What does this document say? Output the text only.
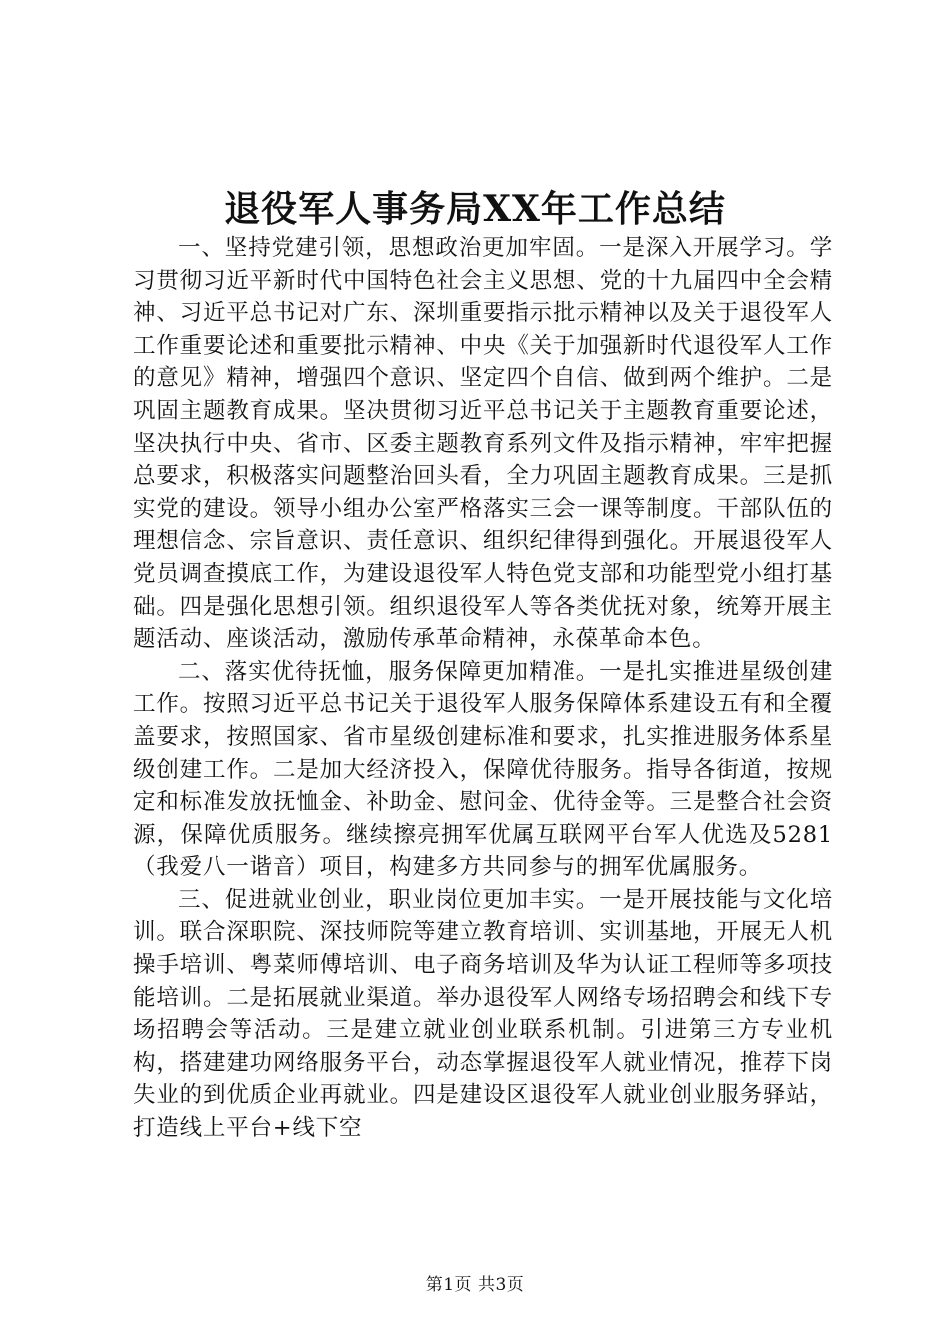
退役军人事务局XX年工作总结

一、坚持党建引领，思想政治更加牢固。一是深入开展学习。学习贯彻习近平新时代中国特色社会主义思想、党的十九届四中全会精神、习近平总书记对广东、深圳重要指示批示精神以及关于退役军人工作重要论述和重要批示精神、中央《关于加强新时代退役军人工作的意见》精神，增强四个意识、坚定四个自信、做到两个维护。二是巩固主题教育成果。坚决贯彻习近平总书记关于主题教育重要论述，坚决执行中央、省市、区委主题教育系列文件及指示精神，牢牢把握总要求，积极落实问题整治回头看，全力巩固主题教育成果。三是抓实党的建设。领导小组办公室严格落实三会一课等制度。干部队伍的理想信念、宗旨意识、责任意识、组织纪律得到强化。开展退役军人党员调查摸底工作，为建设退役军人特色党支部和功能型党小组打基础。四是强化思想引领。组织退役军人等各类优抚对象，统筹开展主题活动、座谈活动，激励传承革命精神，永葆革命本色。

二、落实优待抚恤，服务保障更加精准。一是扎实推进星级创建工作。按照习近平总书记关于退役军人服务保障体系建设五有和全覆盖要求，按照国家、省市星级创建标准和要求，扎实推进服务体系星级创建工作。二是加大经济投入，保障优待服务。指导各街道，按规定和标准发放抚恤金、补助金、慰问金、优待金等。三是整合社会资源，保障优质服务。继续擦亮拥军优属互联网平台军人优选及5281（我爱八一谐音）项目，构建多方共同参与的拥军优属服务。

三、促进就业创业，职业岗位更加丰实。一是开展技能与文化培训。联合深职院、深技师院等建立教育培训、实训基地，开展无人机操手培训、粤菜师傅培训、电子商务培训及华为认证工程师等多项技能培训。二是拓展就业渠道。举办退役军人网络专场招聘会和线下专场招聘会等活动。三是建立就业创业联系机制。引进第三方专业机构，搭建建功网络服务平台，动态掌握退役军人就业情况，推荐下岗失业的到优质企业再就业。四是建设区退役军人就业创业服务驿站，打造线上平台+线下空

第1页 共3页
